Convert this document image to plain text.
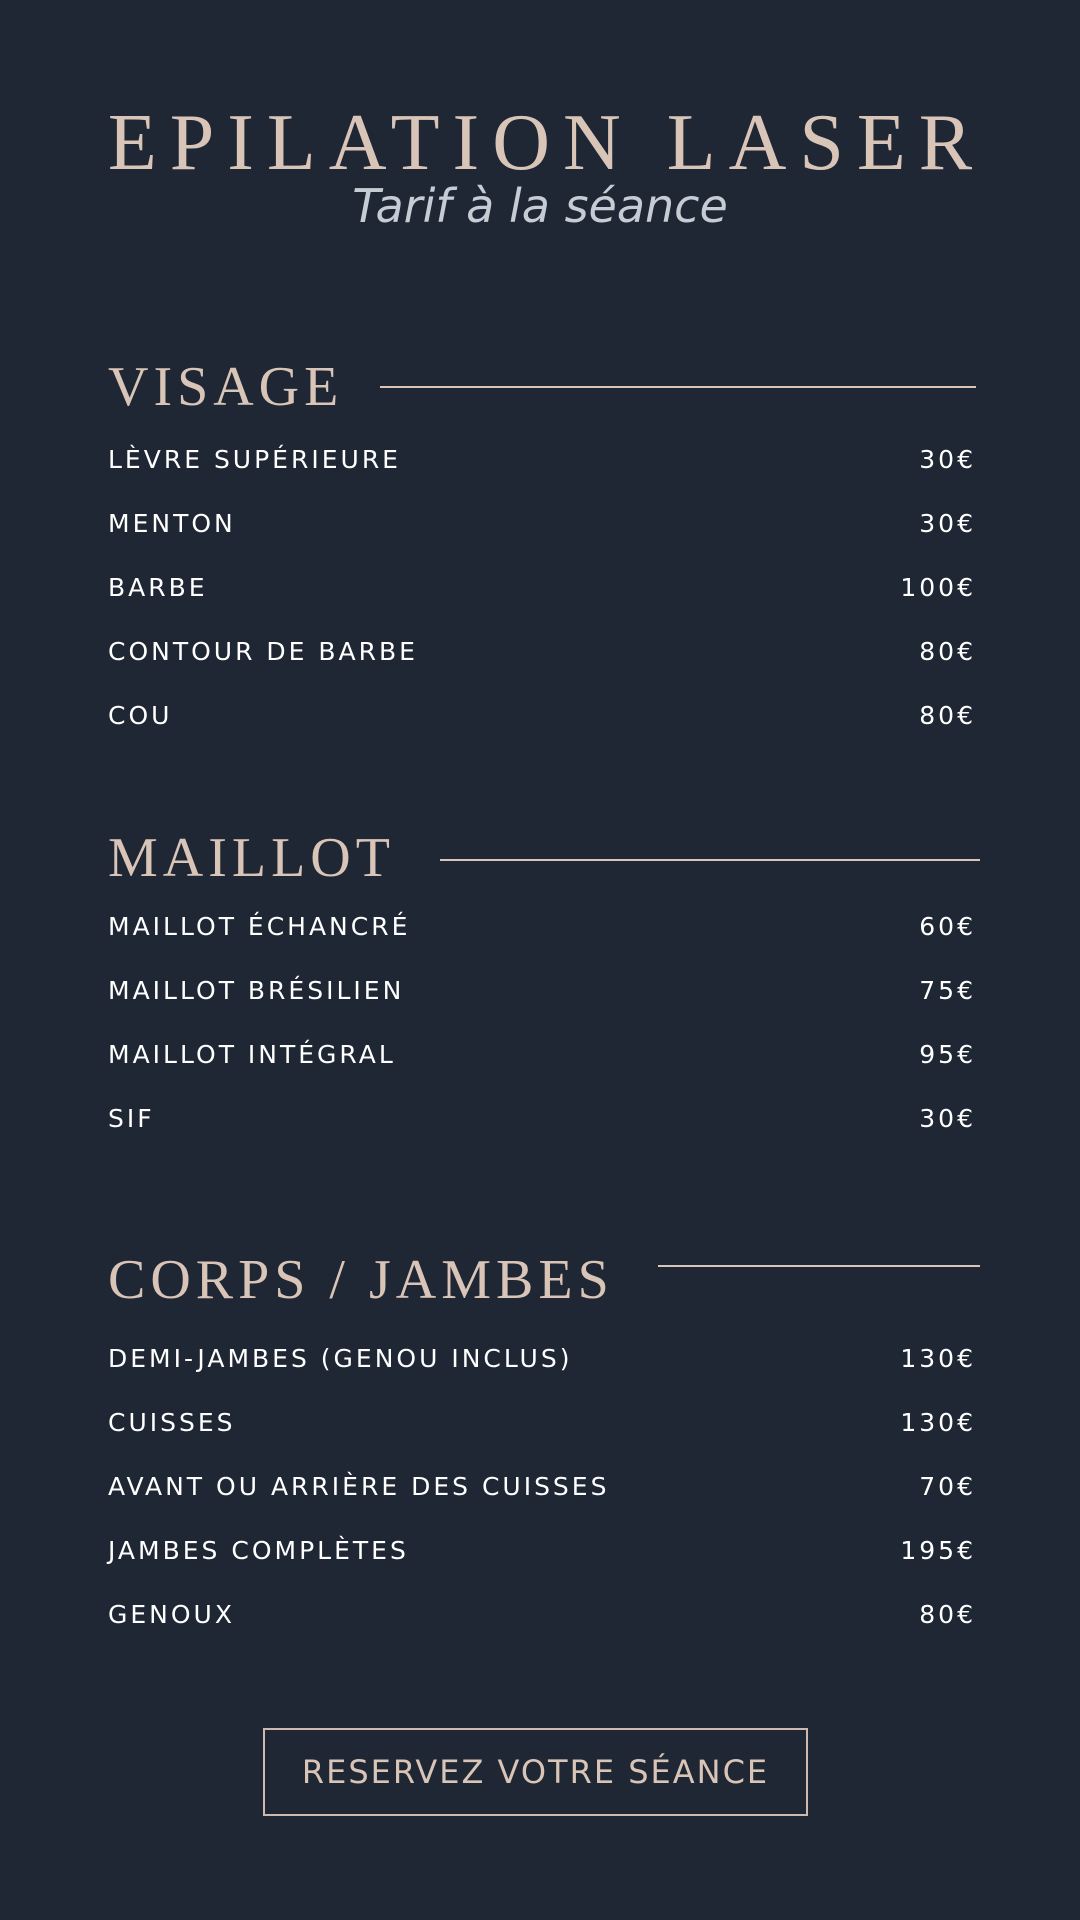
EPILATION LASER
Tarif à la séance
VISAGE
LÈVRE SUPÉRIEURE	30€
MENTON	30€
BARBE	100€
CONTOUR DE BARBE	80€
COU	80€
MAILLOT
MAILLOT ÉCHANCRÉ	60€
MAILLOT BRÉSILIEN	75€
MAILLOT INTÉGRAL	95€
SIF	30€
CORPS / JAMBES
DEMI-JAMBES (GENOU INCLUS)	130€
CUISSES	130€
AVANT OU ARRIÈRE DES CUISSES	70€
JAMBES COMPLÈTES	195€
GENOUX	80€
RESERVEZ VOTRE SÉANCE
